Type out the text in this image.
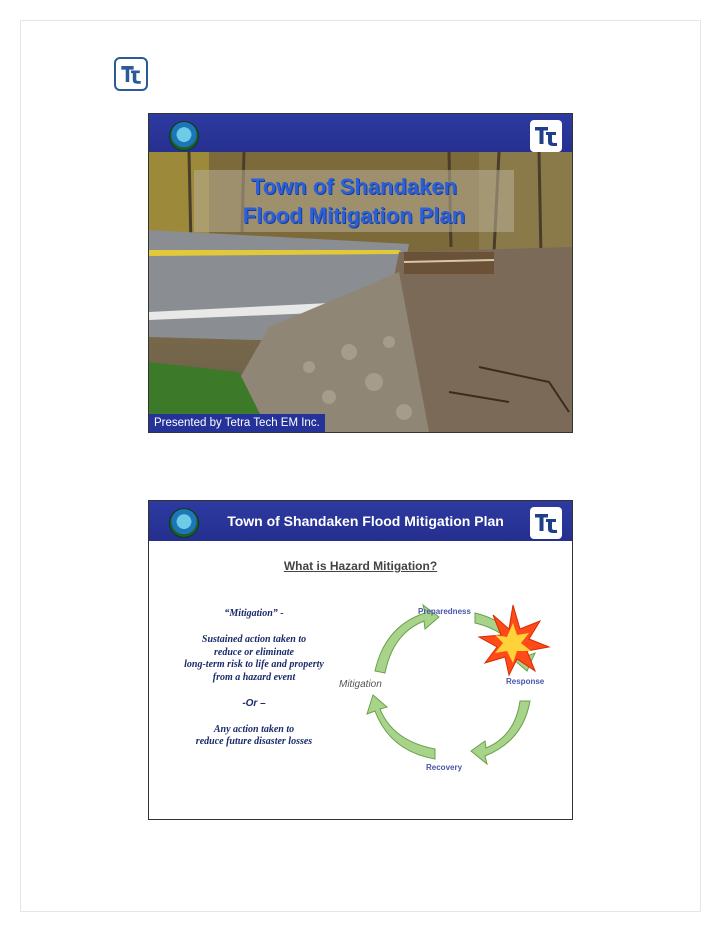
Town of Shandaken
Flood Mitigation Plan
Presented by Tetra Tech EM Inc.
Town of Shandaken Flood Mitigation Plan
What is Hazard Mitigation?
“Mitigation” -
Sustained action taken to
reduce or eliminate
long-term risk to life and property
from a hazard event
-Or –
Any action taken to
reduce future disaster losses
Preparedness
Response
Recovery
Mitigation
